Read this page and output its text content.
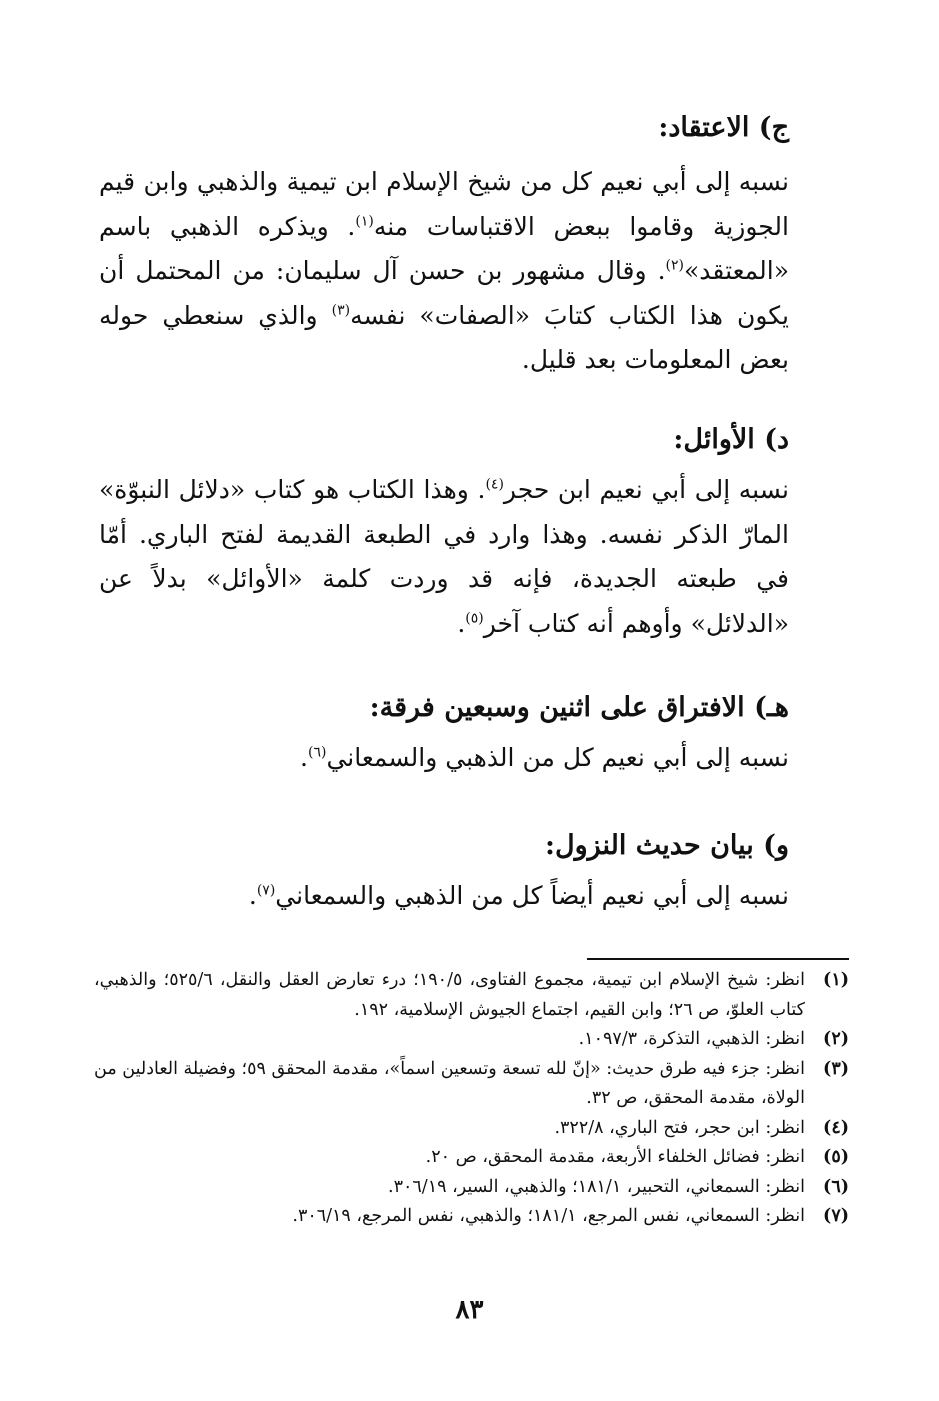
ج) الاعتقاد:

نسبه إلى أبي نعيم كل من شيخ الإسلام ابن تيمية والذهبي وابن قيم الجوزية وقاموا ببعض الاقتباسات منه$^{(١)}$. ويذكره الذهبي باسم «المعتقد»$^{(٢)}$. وقال مشهور بن حسن آل سليمان: من المحتمل أن يكون هذا الكتاب كتابَ «الصفات» نفسه$^{(٣)}$ والذي سنعطي حوله بعض المعلومات بعد قليل.

د) الأوائل:

نسبه إلى أبي نعيم ابن حجر$^{(٤)}$. وهذا الكتاب هو كتاب «دلائل النبوّة» المارّ الذكر نفسه. وهذا وارد في الطبعة القديمة لفتح الباري. أمّا في طبعته الجديدة، فإنه قد وردت كلمة «الأوائل» بدلاً عن «الدلائل» وأوهم أنه كتاب آخر$^{(٥)}$.

هـ) الافتراق على اثنين وسبعين فرقة:

نسبه إلى أبي نعيم كل من الذهبي والسمعاني$^{(٦)}$.

و) بيان حديث النزول:

نسبه إلى أبي نعيم أيضاً كل من الذهبي والسمعاني$^{(٧)}$.

(١)
انظر: شيخ الإسلام ابن تيمية، مجموع الفتاوى، ١٩٠/٥؛ درء تعارض العقل والنقل، ٥٢٥/٦؛ والذهبي، كتاب العلوّ، ص ٢٦؛ وابن القيم، اجتماع الجيوش الإسلامية، ١٩٢.
(٢)
انظر: الذهبي، التذكرة، ١٠٩٧/٣.
(٣)
انظر: جزء فيه طرق حديث: «إنّ لله تسعة وتسعين اسماً»، مقدمة المحقق ٥٩؛ وفضيلة العادلين من الولاة، مقدمة المحقق، ص ٣٢.
(٤)
انظر: ابن حجر، فتح الباري، ٣٢٢/٨.
(٥)
انظر: فضائل الخلفاء الأربعة، مقدمة المحقق، ص ٢٠.
(٦)
انظر: السمعاني، التحبير، ١٨١/١؛ والذهبي، السير، ٣٠٦/١٩.
(٧)
انظر: السمعاني، نفس المرجع، ١٨١/١؛ والذهبي، نفس المرجع، ٣٠٦/١٩.
٨٣
